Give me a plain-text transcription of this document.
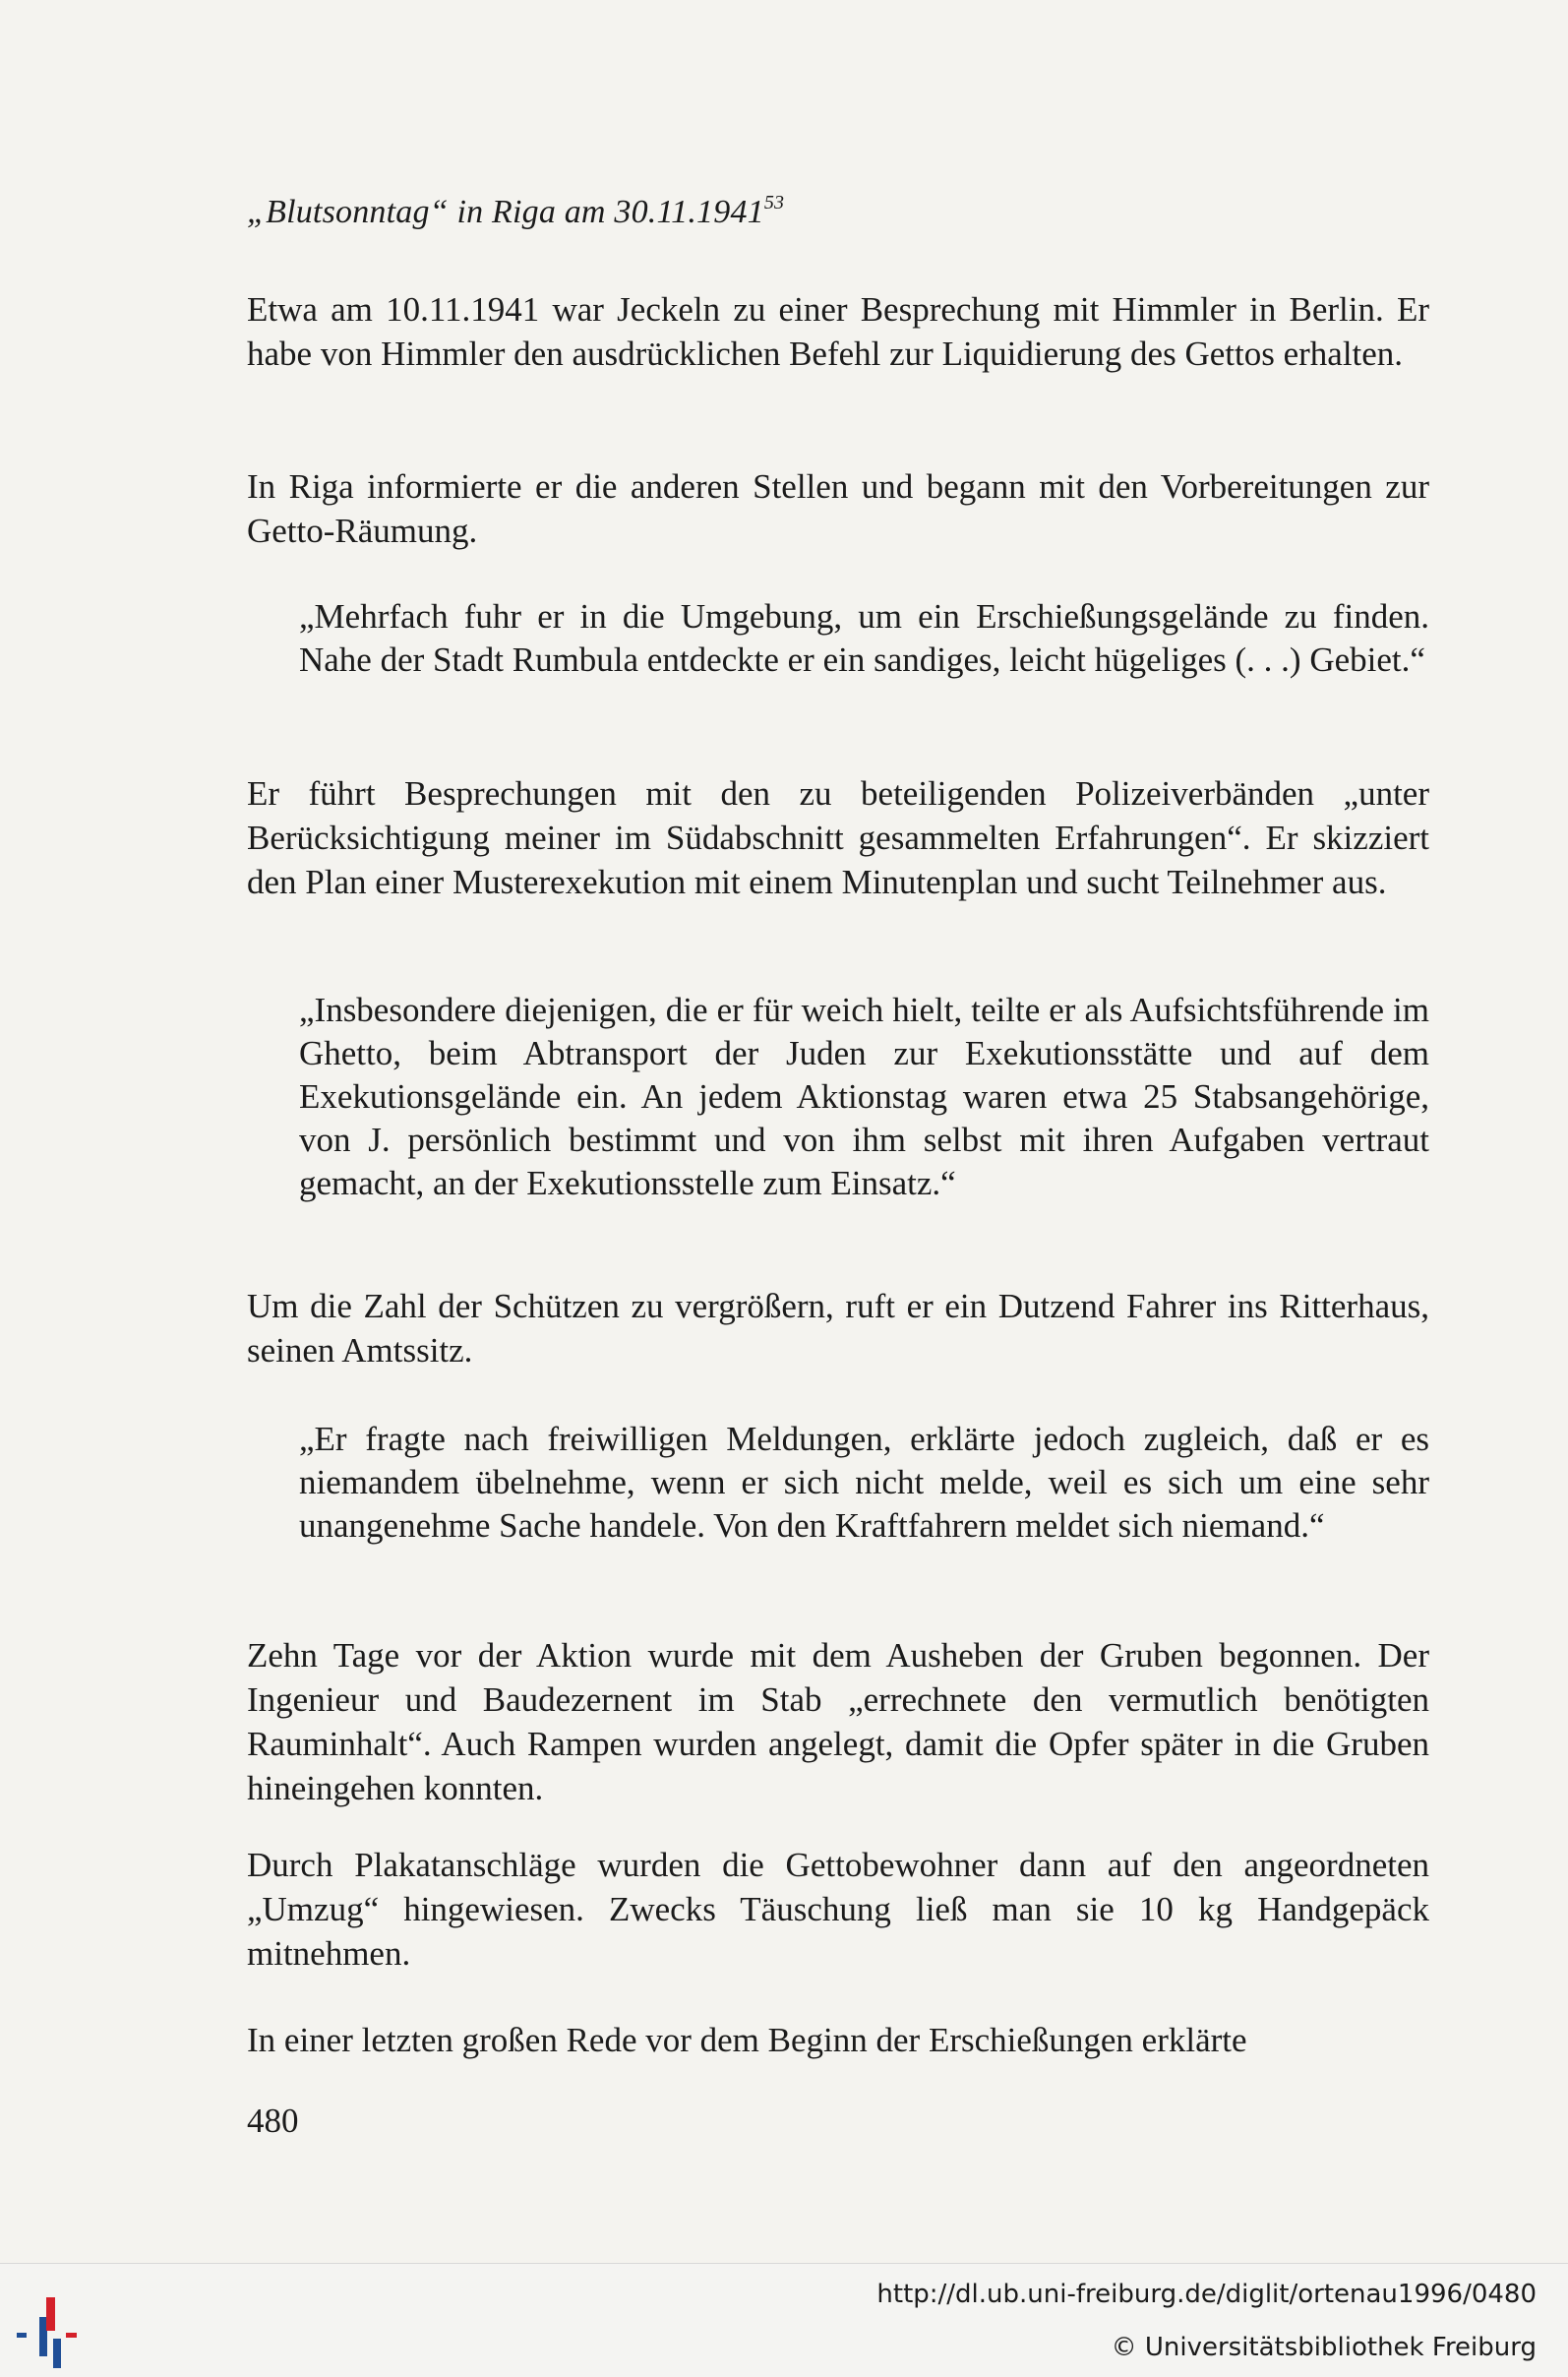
„Blutsonntag“ in Riga am 30.11.1941$^{53}$
Etwa am 10.11.1941 war Jeckeln zu einer Besprechung mit Himmler in Berlin. Er habe von Himmler den ausdrücklichen Befehl zur Liquidierung des Gettos erhalten.
In Riga informierte er die anderen Stellen und begann mit den Vorbereitungen zur Getto-Räumung.
„Mehrfach fuhr er in die Umgebung, um ein Erschießungsgelände zu finden. Nahe der Stadt Rumbula entdeckte er ein sandiges, leicht hügeliges (. . .) Gebiet.“
Er führt Besprechungen mit den zu beteiligenden Polizeiverbänden „unter Berücksichtigung meiner im Südabschnitt gesammelten Erfahrungen“. Er skizziert den Plan einer Musterexekution mit einem Minutenplan und sucht Teilnehmer aus.
„Insbesondere diejenigen, die er für weich hielt, teilte er als Aufsichtsführende im Ghetto, beim Abtransport der Juden zur Exekutionsstätte und auf dem Exekutionsgelände ein. An jedem Aktionstag waren etwa 25 Stabsangehörige, von J. persönlich bestimmt und von ihm selbst mit ihren Aufgaben vertraut gemacht, an der Exekutionsstelle zum Einsatz.“
Um die Zahl der Schützen zu vergrößern, ruft er ein Dutzend Fahrer ins Ritterhaus, seinen Amtssitz.
„Er fragte nach freiwilligen Meldungen, erklärte jedoch zugleich, daß er es niemandem übelnehme, wenn er sich nicht melde, weil es sich um eine sehr unangenehme Sache handele. Von den Kraftfahrern meldet sich niemand.“
Zehn Tage vor der Aktion wurde mit dem Ausheben der Gruben begonnen. Der Ingenieur und Baudezernent im Stab „errechnete den vermutlich benötigten Rauminhalt“. Auch Rampen wurden angelegt, damit die Opfer später in die Gruben hineingehen konnten.
Durch Plakatanschläge wurden die Gettobewohner dann auf den angeordneten „Umzug“ hingewiesen. Zwecks Täuschung ließ man sie 10 kg Handgepäck mitnehmen.
In einer letzten großen Rede vor dem Beginn der Erschießungen erklärte
480
http://dl.ub.uni-freiburg.de/diglit/ortenau1996/0480
© Universitätsbibliothek Freiburg
